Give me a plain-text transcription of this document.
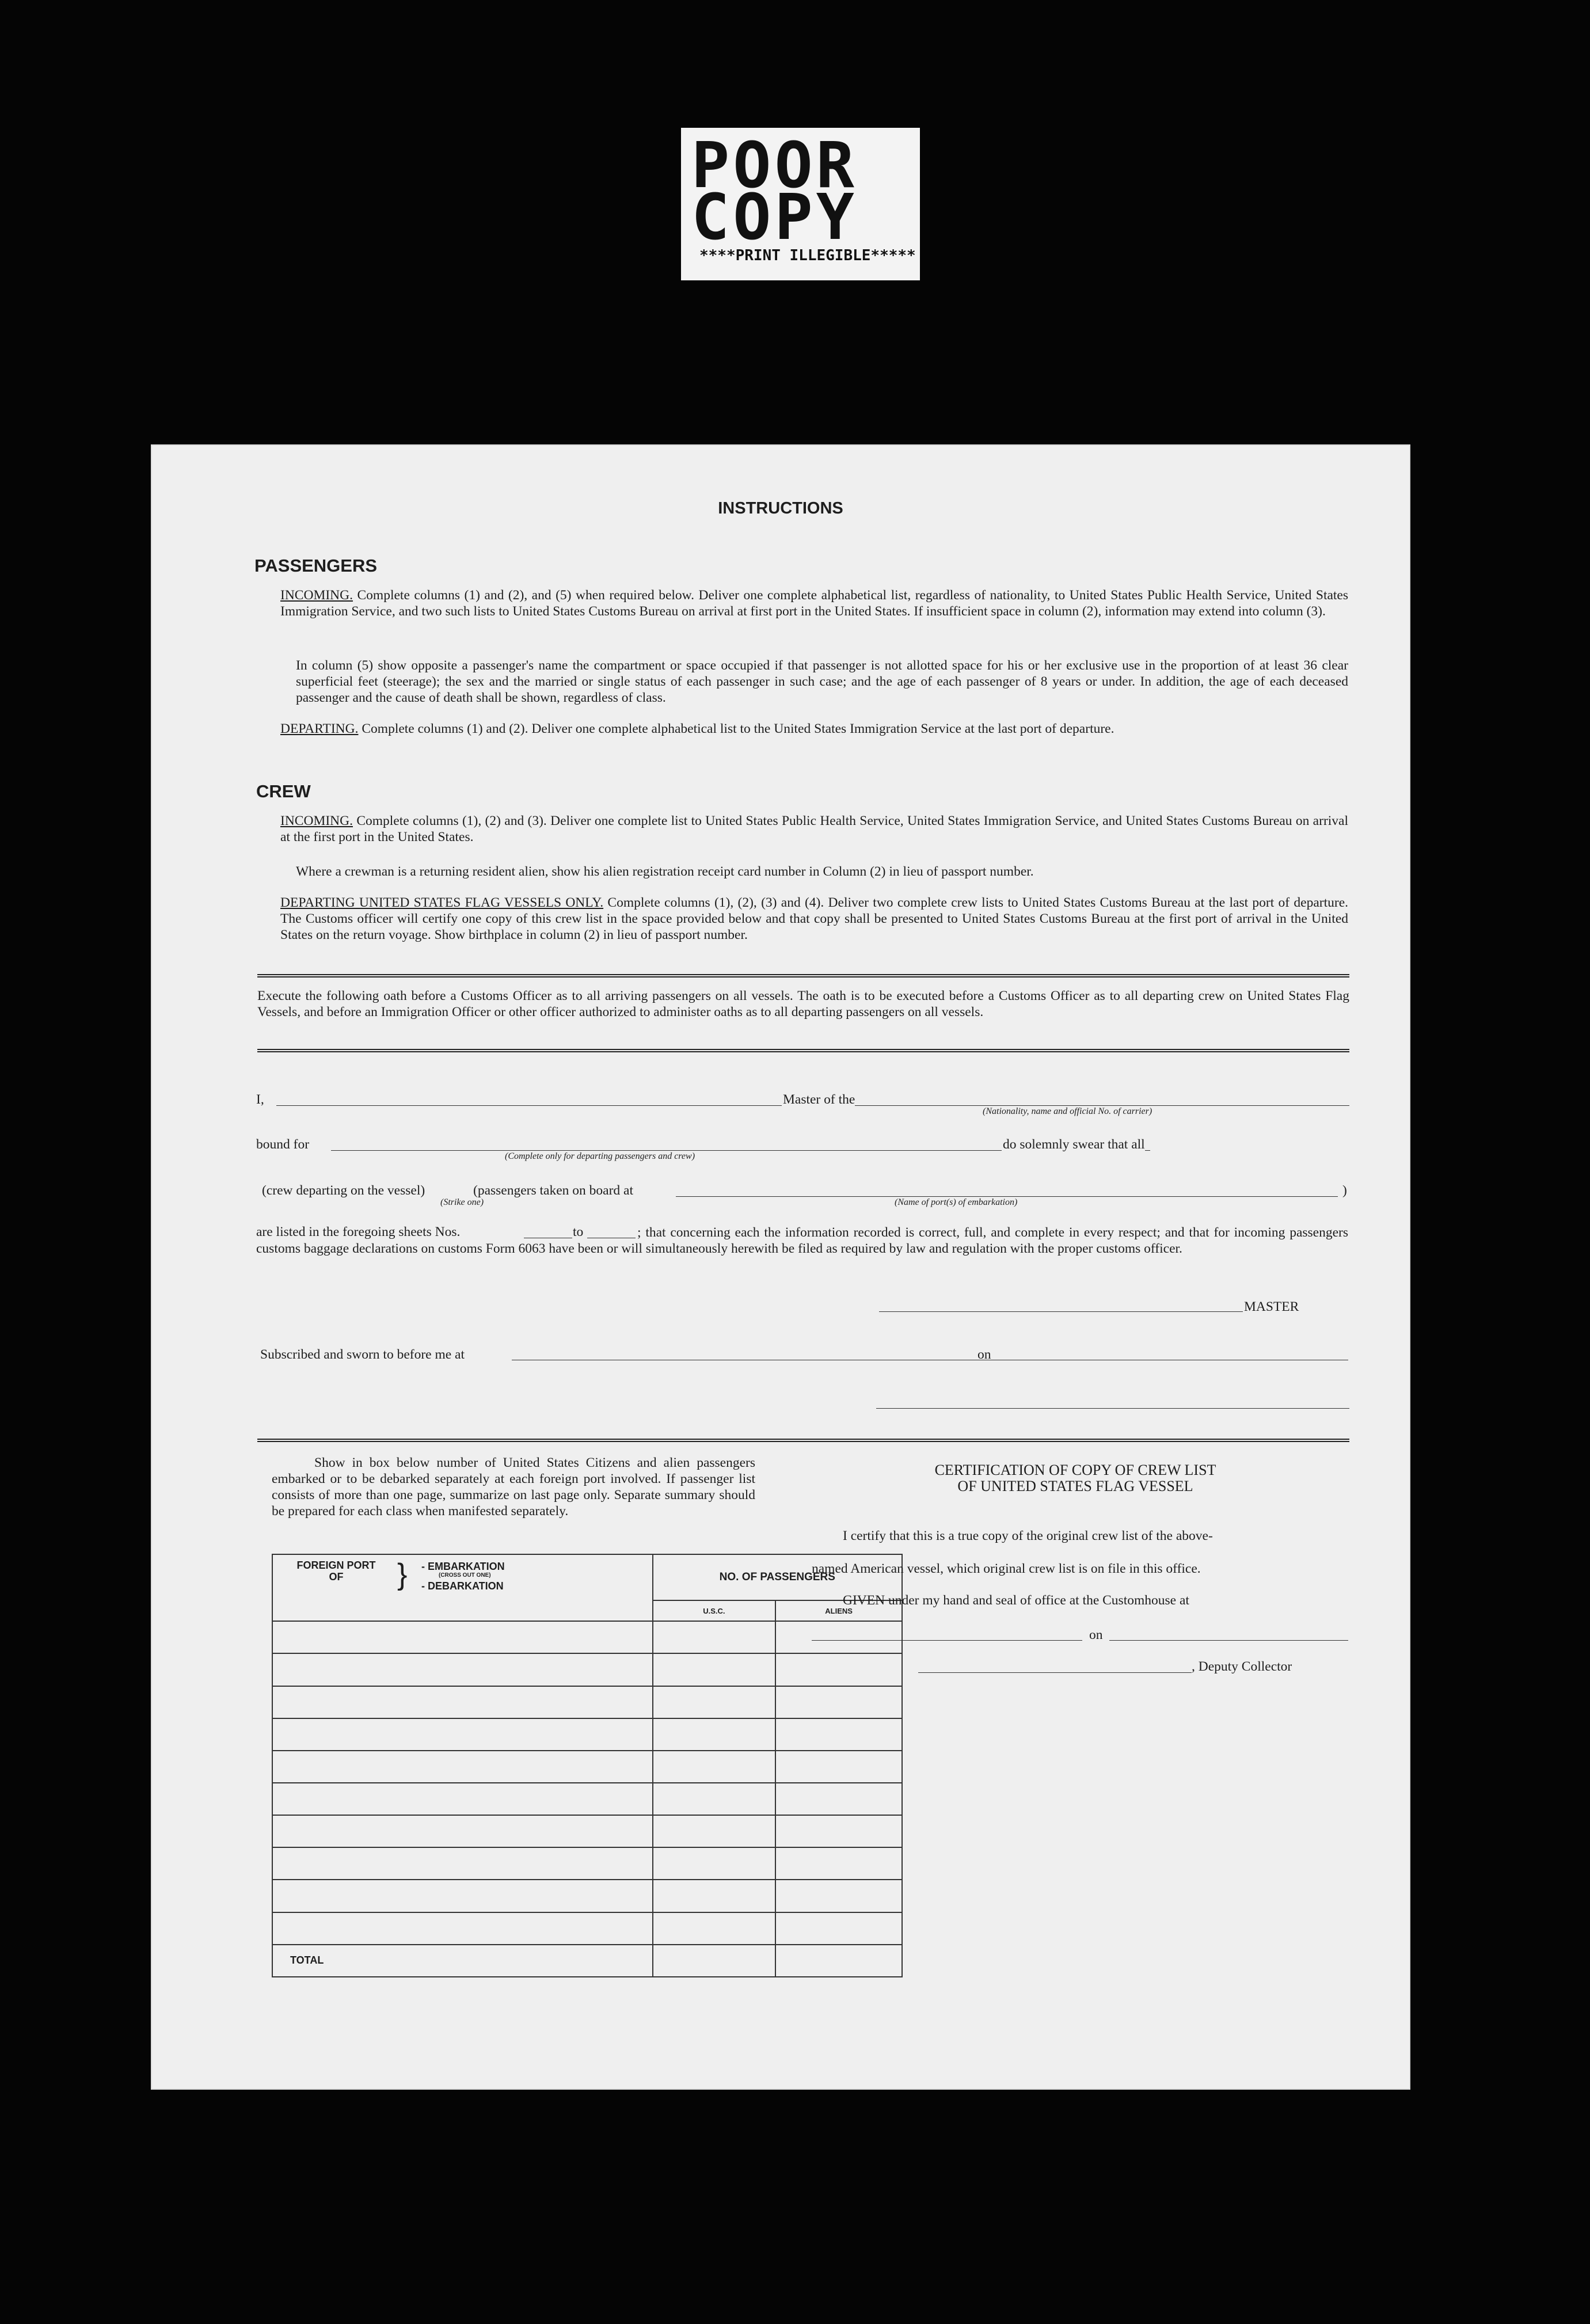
POOR
COPY
****PRINT ILLEGIBLE*****
INSTRUCTIONS
PASSENGERS
INCOMING. Complete columns (1) and (2), and (5) when required below. Deliver one complete alphabetical list, regardless of nationality, to United States Public Health Service, United States Immigration Service, and two such lists to United States Customs Bureau on arrival at first port in the United States. If insufficient space in column (2), information may extend into column (3).
In column (5) show opposite a passenger's name the compartment or space occupied if that passenger is not allotted space for his or her exclusive use in the proportion of at least 36 clear superficial feet (steerage); the sex and the married or single status of each passenger in such case; and the age of each passenger of 8 years or under. In addition, the age of each deceased passenger and the cause of death shall be shown, regardless of class.
DEPARTING. Complete columns (1) and (2). Deliver one complete alphabetical list to the United States Immigration Service at the last port of departure.
CREW
INCOMING. Complete columns (1), (2) and (3). Deliver one complete list to United States Public Health Service, United States Immigration Service, and United States Customs Bureau on arrival at the first port in the United States.
Where a crewman is a returning resident alien, show his alien registration receipt card number in Column (2) in lieu of passport number.
DEPARTING UNITED STATES FLAG VESSELS ONLY. Complete columns (1), (2), (3) and (4). Deliver two complete crew lists to United States Customs Bureau at the last port of departure. The Customs officer will certify one copy of this crew list in the space provided below and that copy shall be presented to United States Customs Bureau at the first port of arrival in the United States on the return voyage. Show birthplace in column (2) in lieu of passport number.
Execute the following oath before a Customs Officer as to all arriving passengers on all vessels. The oath is to be executed before a Customs Officer as to all departing crew on United States Flag Vessels, and before an Immigration Officer or other officer authorized to administer oaths as to all departing passengers on all vessels.
I,	Master of the
(Nationality, name and official No. of carrier)
bound for	do solemnly swear that all
(Complete only for departing passengers and crew)
(crew departing on the vessel)	(passengers taken on board at	)
(Strike one)	(Name of port(s) of embarkation)
are listed in the foregoing sheets Nos.	to	; that concerning each the information recorded is correct, full, and complete in every respect; and that for incoming passengers customs baggage declarations on customs Form 6063 have been or will simultaneously herewith be filed as required by law and regulation with the proper customs officer.
MASTER
Subscribed and sworn to before me at	on
Show in box below number of United States Citizens and alien passengers embarked or to be debarked separately at each foreign port involved. If passenger list consists of more than one page, summarize on last page only. Separate summary should be prepared for each class when manifested separately.
FOREIGN PORT OF } - EMBARKATION
(CROSS OUT ONE)
- DEBARKATION	NO. OF PASSENGERS	
	U.S.C.	ALIENS

TOTAL		
CERTIFICATION OF COPY OF CREW LIST
OF UNITED STATES FLAG VESSEL
I certify that this is a true copy of the original crew list of the above-
named American vessel, which original crew list is on file in this office.
GIVEN under my hand and seal of office at the Customhouse at
on
, Deputy Collector
